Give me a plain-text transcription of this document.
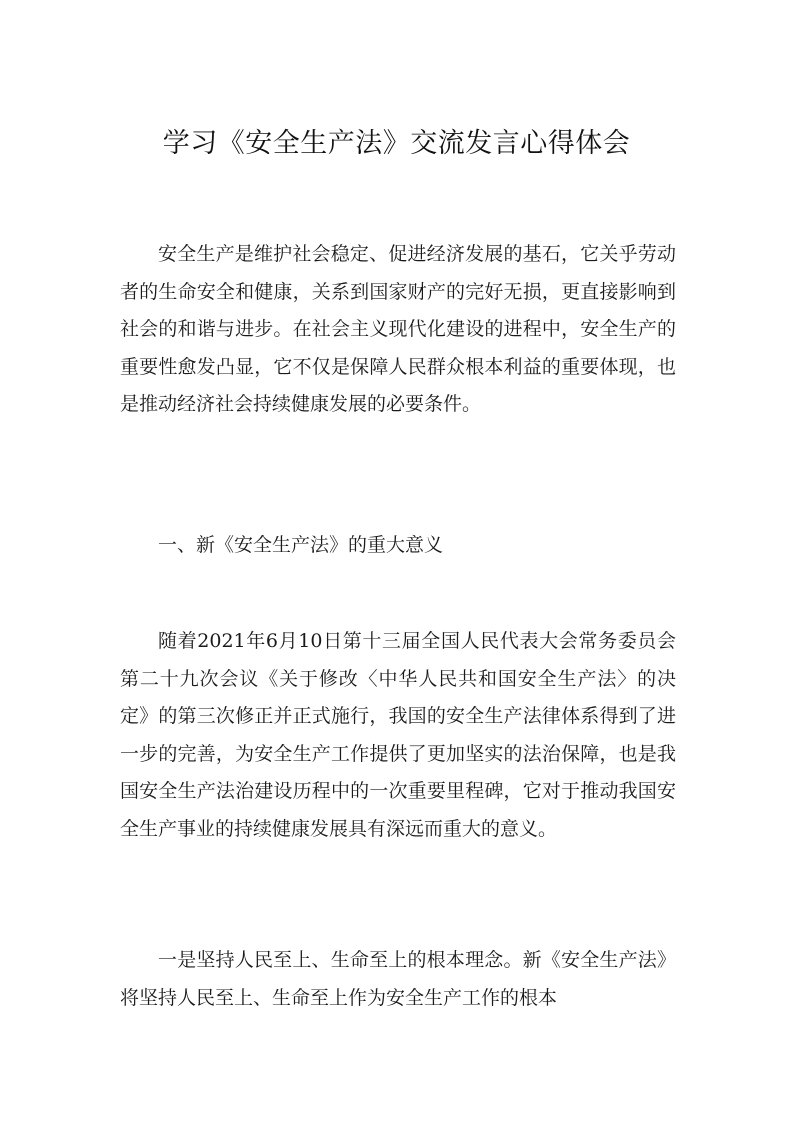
学习《安全生产法》交流发言心得体会

安全生产是维护社会稳定、促进经济发展的基石，它关乎劳动者的生命安全和健康，关系到国家财产的完好无损，更直接影响到社会的和谐与进步。在社会主义现代化建设的进程中，安全生产的重要性愈发凸显，它不仅是保障人民群众根本利益的重要体现，也是推动经济社会持续健康发展的必要条件。

一、新《安全生产法》的重大意义

随着2021年6月10日第十三届全国人民代表大会常务委员会第二十九次会议《关于修改〈中华人民共和国安全生产法〉的决定》的第三次修正并正式施行，我国的安全生产法律体系得到了进一步的完善，为安全生产工作提供了更加坚实的法治保障，也是我国安全生产法治建设历程中的一次重要里程碑，它对于推动我国安全生产事业的持续健康发展具有深远而重大的意义。

一是坚持人民至上、生命至上的根本理念。新《安全生产法》将坚持人民至上、生命至上作为安全生产工作的根本
